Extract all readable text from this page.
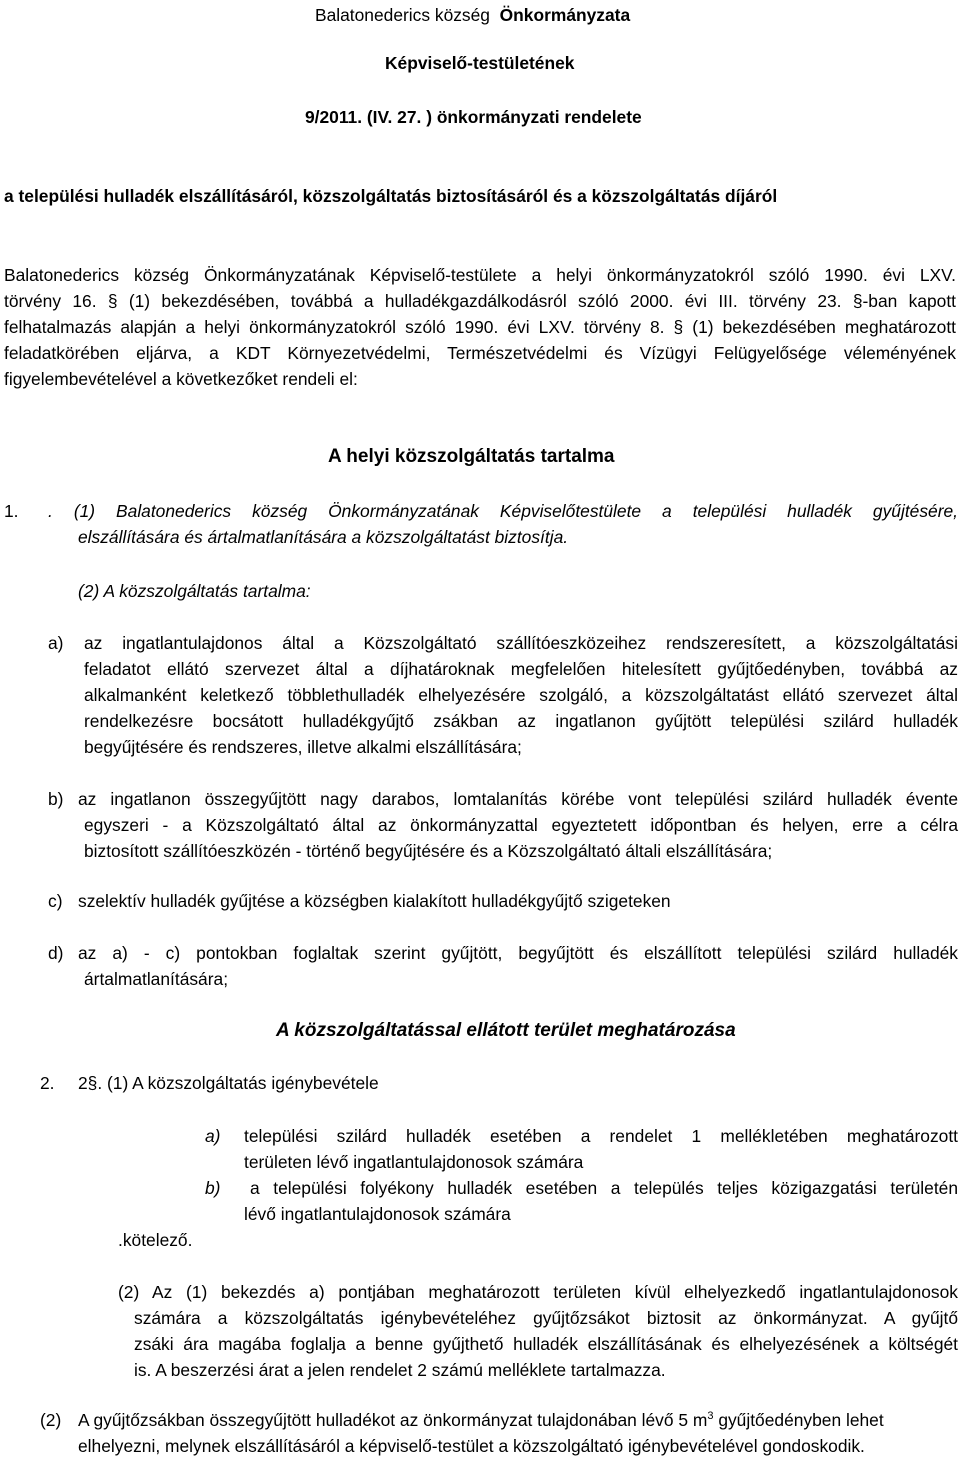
Balatonederics község Önkormányzata
Képviselő-testületének
9/2011. (IV. 27. ) önkormányzati rendelete
a települési hulladék elszállításáról, közszolgáltatás biztosításáról és a közszolgáltatás díjáról
Balatonederics község Önkormányzatának Képviselő-testülete a helyi önkormányzatokról szóló 1990. évi LXV.
törvény 16. § (1) bekezdésében, továbbá a hulladékgazdálkodásról szóló 2000. évi III. törvény 23. §-ban kapott
felhatalmazás alapján a helyi önkormányzatokról szóló 1990. évi LXV. törvény 8. § (1) bekezdésében meghatározott
feladatkörében eljárva, a KDT Környezetvédelmi, Természetvédelmi és Vízügyi Felügyelősége véleményének
figyelembevételével a következőket rendeli el:
A helyi közszolgáltatás tartalma
1. . (1) Balatonederics község Önkormányzatának Képviselőtestülete a települési hulladék gyűjtésére,
elszállítására és ártalmatlanítására a közszolgáltatást biztosítja.
(2) A közszolgáltatás tartalma:
a) az ingatlantulajdonos által a Közszolgáltató szállítóeszközeihez rendszeresített, a közszolgáltatási
feladatot ellátó szervezet által a díjhatároknak megfelelően hitelesített gyűjtőedényben, továbbá az
alkalmanként keletkező többlethulladék elhelyezésére szolgáló, a közszolgáltatást ellátó szervezet által
rendelkezésre bocsátott hulladékgyűjtő zsákban az ingatlanon gyűjtött települési szilárd hulladék
begyűjtésére és rendszeres, illetve alkalmi elszállítására;
b) az ingatlanon összegyűjtött nagy darabos, lomtalanítás körébe vont települési szilárd hulladék évente
egyszeri - a Közszolgáltató által az önkormányzattal egyeztetett időpontban és helyen, erre a célra
biztosított szállítóeszközén - történő begyűjtésére és a Közszolgáltató általi elszállítására;
c) szelektív hulladék gyűjtése a községben kialakított hulladékgyűjtő szigeteken
d) az a) - c) pontokban foglaltak szerint gyűjtött, begyűjtött és elszállított települési szilárd hulladék
ártalmatlanítására;
A közszolgáltatással ellátott terület meghatározása
2. 2§. (1) A közszolgáltatás igénybevétele
a) települési szilárd hulladék esetében a rendelet 1 mellékletében meghatározott
területen lévő ingatlantulajdonosok számára
b) a települési folyékony hulladék esetében a település teljes közigazgatási területén
lévő ingatlantulajdonosok számára
.kötelező.
(2) Az (1) bekezdés a) pontjában meghatározott területen kívül elhelyezkedő ingatlantulajdonosok
számára a közszolgáltatás igénybevételéhez gyűjtőzsákot biztosit az önkormányzat. A gyűjtő
zsáki ára magába foglalja a benne gyűjthető hulladék elszállításának és elhelyezésének a költségét
is. A beszerzési árat a jelen rendelet 2 számú melléklete tartalmazza.
(2) A gyűjtőzsákban összegyűjtött hulladékot az önkormányzat tulajdonában lévő 5 $m^3$ gyűjtőedényben lehet
elhelyezni, melynek elszállításáról a képviselő-testület a közszolgáltató igénybevételével gondoskodik.
